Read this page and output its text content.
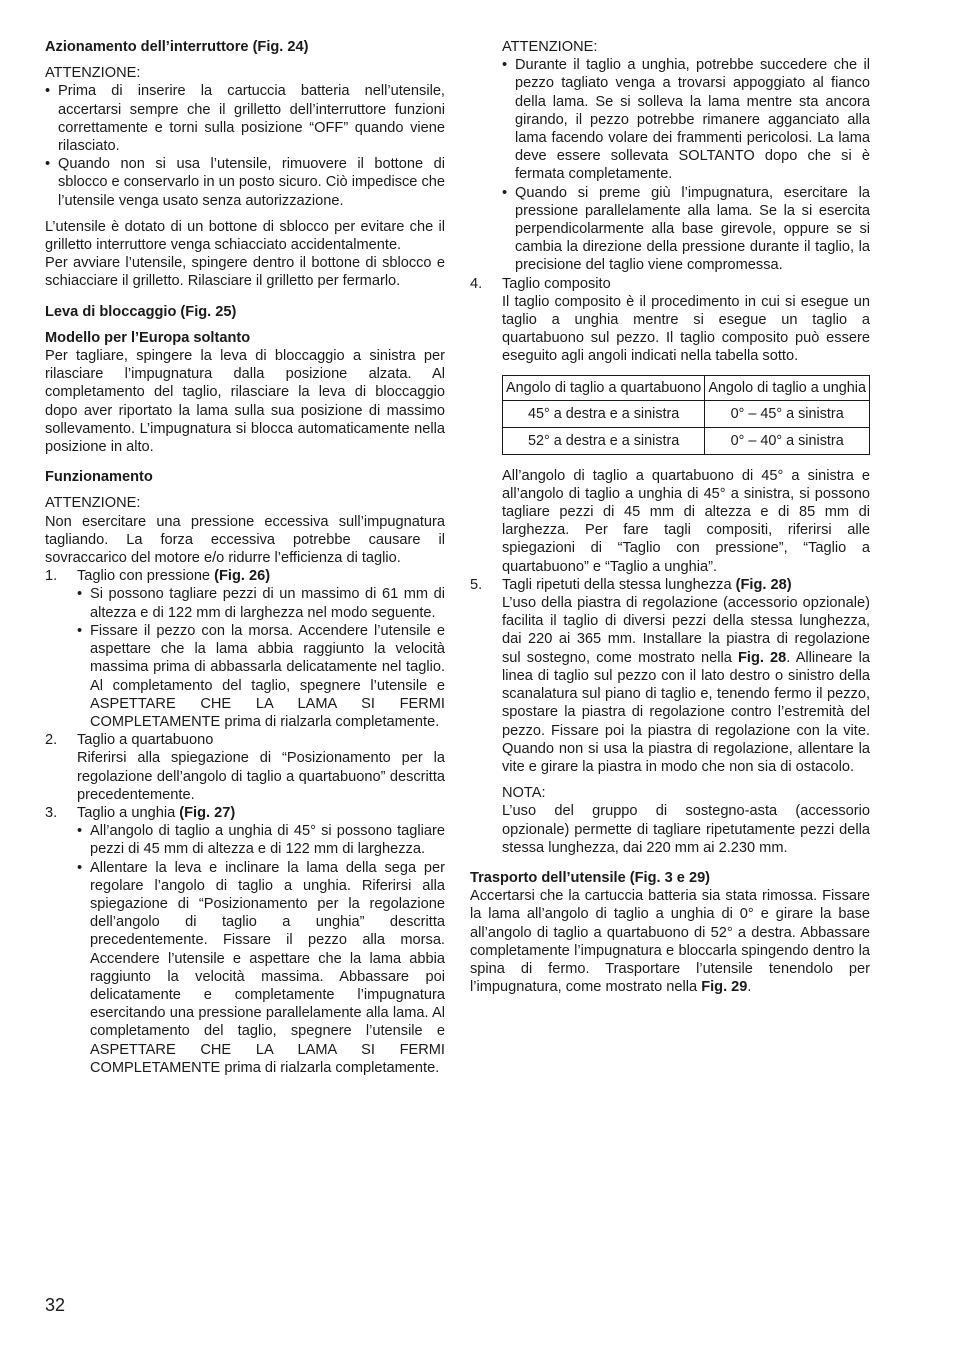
Azionamento dell’interruttore (Fig. 24)

ATTENZIONE:

• Prima di inserire la cartuccia batteria nell’utensile, accertarsi sempre che il grilletto dell’interruttore funzioni correttamente e torni sulla posizione “OFF” quando viene rilasciato.
• Quando non si usa l’utensile, rimuovere il bottone di sblocco e conservarlo in un posto sicuro. Ciò impedisce che l’utensile venga usato senza autorizzazione.

L’utensile è dotato di un bottone di sblocco per evitare che il grilletto interruttore venga schiacciato accidentalmente.

Per avviare l’utensile, spingere dentro il bottone di sblocco e schiacciare il grilletto. Rilasciare il grilletto per fermarlo.

Leva di bloccaggio (Fig. 25)

Modello per l’Europa soltanto

Per tagliare, spingere la leva di bloccaggio a sinistra per rilasciare l’impugnatura dalla posizione alzata. Al completamento del taglio, rilasciare la leva di bloccaggio dopo aver riportato la lama sulla sua posizione di massimo sollevamento. L’impugnatura si blocca automaticamente nella posizione in alto.

Funzionamento

ATTENZIONE:

Non esercitare una pressione eccessiva sull’impugnatura tagliando. La forza eccessiva potrebbe causare il sovraccarico del motore e/o ridurre l’efficienza di taglio.

1. Taglio con pressione (Fig. 26)
• Si possono tagliare pezzi di un massimo di 61 mm di altezza e di 122 mm di larghezza nel modo seguente.
• Fissare il pezzo con la morsa. Accendere l’utensile e aspettare che la lama abbia raggiunto la velocità massima prima di abbassarla delicatamente nel taglio. Al completamento del taglio, spegnere l’utensile e ASPETTARE CHE LA LAMA SI FERMI COMPLETAMENTE prima di rialzarla completamente.
2. Taglio a quartabuono

Riferirsi alla spiegazione di “Posizionamento per la regolazione dell’angolo di taglio a quartabuono” descritta precedentemente.

3. Taglio a unghia (Fig. 27)
• All’angolo di taglio a unghia di 45° si possono tagliare pezzi di 45 mm di altezza e di 122 mm di larghezza.
• Allentare la leva e inclinare la lama della sega per regolare l’angolo di taglio a unghia. Riferirsi alla spiegazione di “Posizionamento per la regolazione dell’angolo di taglio a unghia” descritta precedentemente. Fissare il pezzo alla morsa. Accendere l’utensile e aspettare che la lama abbia raggiunto la velocità massima. Abbassare poi delicatamente e completamente l’impugnatura esercitando una pressione parallelamente alla lama. Al completamento del taglio, spegnere l’utensile e ASPETTARE CHE LA LAMA SI FERMI COMPLETAMENTE prima di rialzarla completamente.

ATTENZIONE:

• Durante il taglio a unghia, potrebbe succedere che il pezzo tagliato venga a trovarsi appoggiato al fianco della lama. Se si solleva la lama mentre sta ancora girando, il pezzo potrebbe rimanere agganciato alla lama facendo volare dei frammenti pericolosi. La lama deve essere sollevata SOLTANTO dopo che si è fermata completamente.
• Quando si preme giù l’impugnatura, esercitare la pressione parallelamente alla lama. Se la si esercita perpendicolarmente alla base girevole, oppure se si cambia la direzione della pressione durante il taglio, la precisione del taglio viene compromessa.
4. Taglio composito

Il taglio composito è il procedimento in cui si esegue un taglio a unghia mentre si esegue un taglio a quartabuono sul pezzo. Il taglio composito può essere eseguito agli angoli indicati nella tabella sotto.

Angolo di taglio a quartabuono	Angolo di taglio a unghia
45° a destra e a sinistra	0° – 45° a sinistra
52° a destra e a sinistra	0° – 40° a sinistra

All’angolo di taglio a quartabuono di 45° a sinistra e all’angolo di taglio a unghia di 45° a sinistra, si possono tagliare pezzi di 45 mm di altezza e di 85 mm di larghezza. Per fare tagli compositi, riferirsi alle spiegazioni di “Taglio con pressione”, “Taglio a quartabuono” e “Taglio a unghia”.

5. Tagli ripetuti della stessa lunghezza (Fig. 28)

L’uso della piastra di regolazione (accessorio opzionale) facilita il taglio di diversi pezzi della stessa lunghezza, dai 220 ai 365 mm. Installare la piastra di regolazione sul sostegno, come mostrato nella Fig. 28. Allineare la linea di taglio sul pezzo con il lato destro o sinistro della scanalatura sul piano di taglio e, tenendo fermo il pezzo, spostare la piastra di regolazione contro l’estremità del pezzo. Fissare poi la piastra di regolazione con la vite. Quando non si usa la piastra di regolazione, allentare la vite e girare la piastra in modo che non sia di ostacolo.

NOTA:

L’uso del gruppo di sostegno-asta (accessorio opzionale) permette di tagliare ripetutamente pezzi della stessa lunghezza, dai 220 mm ai 2.230 mm.

Trasporto dell’utensile (Fig. 3 e 29)

Accertarsi che la cartuccia batteria sia stata rimossa. Fissare la lama all’angolo di taglio a unghia di 0° e girare la base all’angolo di taglio a quartabuono di 52° a destra. Abbassare completamente l’impugnatura e bloccarla spingendo dentro la spina di fermo. Trasportare l’utensile tenendolo per l’impugnatura, come mostrato nella Fig. 29.

32
